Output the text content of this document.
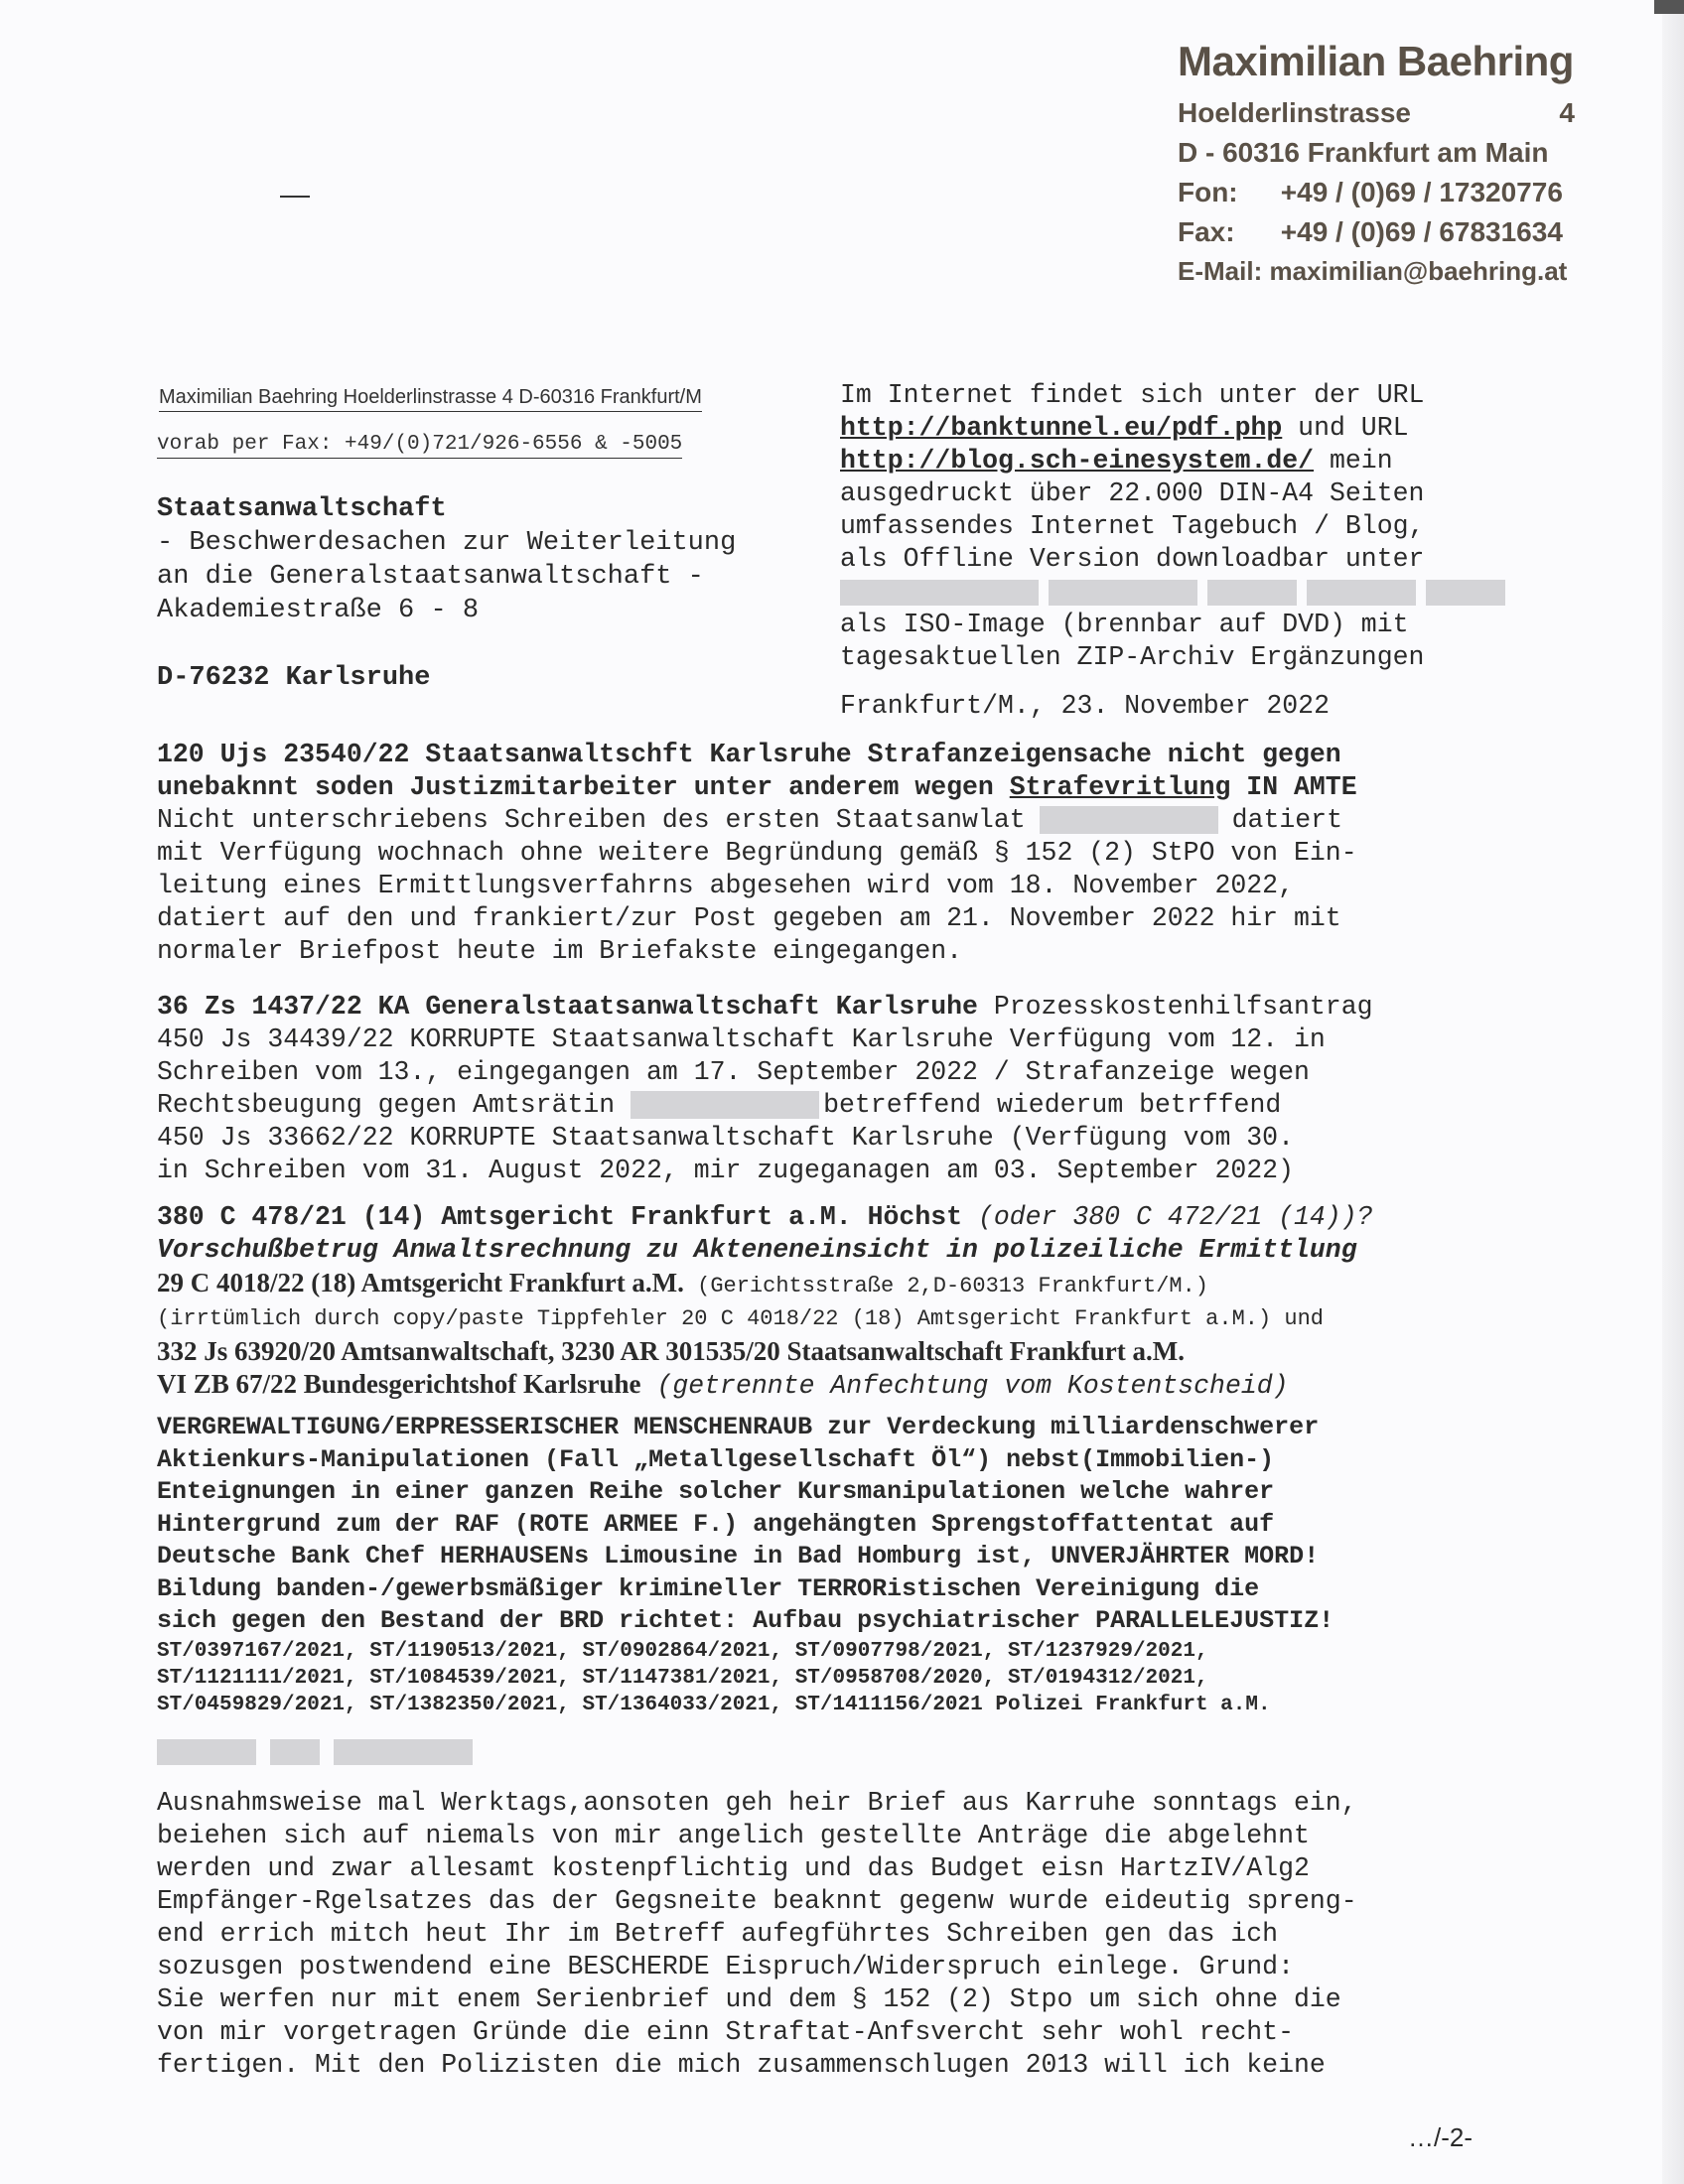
Maximilian Baehring
Hoelderlinstrasse	4
D - 60316 Frankfurt am Main
Fon: +49 / (0)69 / 17320776
Fax: +49 / (0)69 / 67831634
E-Mail: maximilian@baehring.at
Maximilian Baehring Hoelderlinstrasse 4 D-60316 Frankfurt/M
vorab per Fax: +49/(0)721/926-6556 & -5005
Staatsanwaltschaft
- Beschwerdesachen zur Weiterleitung
an die Generalstaatsanwaltschaft -
Akademiestraße 6 - 8
D-76232 Karlsruhe
Im Internet findet sich unter der URL
http://banktunnel.eu/pdf.php und URL
http://blog.sch-einesystem.de/ mein
ausgedruckt über 22.000 DIN-A4 Seiten
umfassendes Internet Tagebuch / Blog,
als Offline Version downloadbar unter
als ISO-Image (brennbar auf DVD) mit
tagesaktuellen ZIP-Archiv Ergänzungen
Frankfurt/M., 23. November 2022
120 Ujs 23540/22 Staatsanwaltschft Karlsruhe Strafanzeigensache nicht gegen
unebaknnt soden Justizmitarbeiter unter anderem wegen Strafevritlung IN AMTE
Nicht unterschriebens Schreiben des ersten Staatsanwlat	datiert
mit Verfügung wochnach ohne weitere Begründung gemäß § 152 (2) StPO von Ein-
leitung eines Ermittlungsverfahrns abgesehen wird vom 18. November 2022,
datiert auf den und frankiert/zur Post gegeben am 21. November 2022 hir mit
normaler Briefpost heute im Briefakste eingegangen.
36 Zs 1437/22 KA Generalstaatsanwaltschaft Karlsruhe Prozesskostenhilfsantrag
450 Js 34439/22 KORRUPTE Staatsanwaltschaft Karlsruhe Verfügung vom 12. in
Schreiben vom 13., eingegangen am 17. September 2022 / Strafanzeige wegen
Rechtsbeugung gegen Amtsrätin	betreffend wiederum betrffend
450 Js 33662/22 KORRUPTE Staatsanwaltschaft Karlsruhe (Verfügung vom 30.
in Schreiben vom 31. August 2022, mir zugeganagen am 03. September 2022)
380 C 478/21 (14) Amtsgericht Frankfurt a.M. Höchst (oder 380 C 472/21 (14))?
Vorschußbetrug Anwaltsrechnung zu Akteneneinsicht in polizeiliche Ermittlung
29 C 4018/22 (18) Amtsgericht Frankfurt a.M. (Gerichtsstraße 2,D-60313 Frankfurt/M.)
(irrtümlich durch copy/paste Tippfehler 20 C 4018/22 (18) Amtsgericht Frankfurt a.M.) und
332 Js 63920/20 Amtsanwaltschaft, 3230 AR 301535/20 Staatsanwaltschaft Frankfurt a.M.
VI ZB 67/22 Bundesgerichtshof Karlsruhe (getrennte Anfechtung vom Kostentscheid)
VERGREWALTIGUNG/ERPRESSERISCHER MENSCHENRAUB zur Verdeckung milliardenschwerer
Aktienkurs-Manipulationen (Fall „Metallgesellschaft Öl“) nebst(Immobilien-)
Enteignungen in einer ganzen Reihe solcher Kursmanipulationen welche wahrer
Hintergrund zum der RAF (ROTE ARMEE F.) angehängten Sprengstoffattentat auf
Deutsche Bank Chef HERHAUSENs Limousine in Bad Homburg ist, UNVERJÄHRTER MORD!
Bildung banden-/gewerbsmäßiger krimineller TERRORistischen Vereinigung die
sich gegen den Bestand der BRD richtet: Aufbau psychiatrischer PARALLELEJUSTIZ!
ST/0397167/2021, ST/1190513/2021, ST/0902864/2021, ST/0907798/2021, ST/1237929/2021,
ST/1121111/2021, ST/1084539/2021, ST/1147381/2021, ST/0958708/2020, ST/0194312/2021,
ST/0459829/2021, ST/1382350/2021, ST/1364033/2021, ST/1411156/2021 Polizei Frankfurt a.M.
Ausnahmsweise mal Werktags,aonsoten geh heir Brief aus Karruhe sonntags ein,
beiehen sich auf niemals von mir angelich gestellte Anträge die abgelehnt
werden und zwar allesamt kostenpflichtig und das Budget eisn HartzIV/Alg2
Empfänger-Rgelsatzes das der Gegsneite beaknnt gegenw wurde eideutig spreng-
end errich mitch heut Ihr im Betreff aufegführtes Schreiben gen das ich
sozusgen postwendend eine BESCHERDE Eispruch/Widerspruch einlege. Grund:
Sie werfen nur mit enem Serienbrief und dem § 152 (2) Stpo um sich ohne die
von mir vorgetragen Gründe die einn Straftat-Anfsvercht sehr wohl recht-
fertigen. Mit den Polizisten die mich zusammenschlugen 2013 will ich keine
…/-2-
